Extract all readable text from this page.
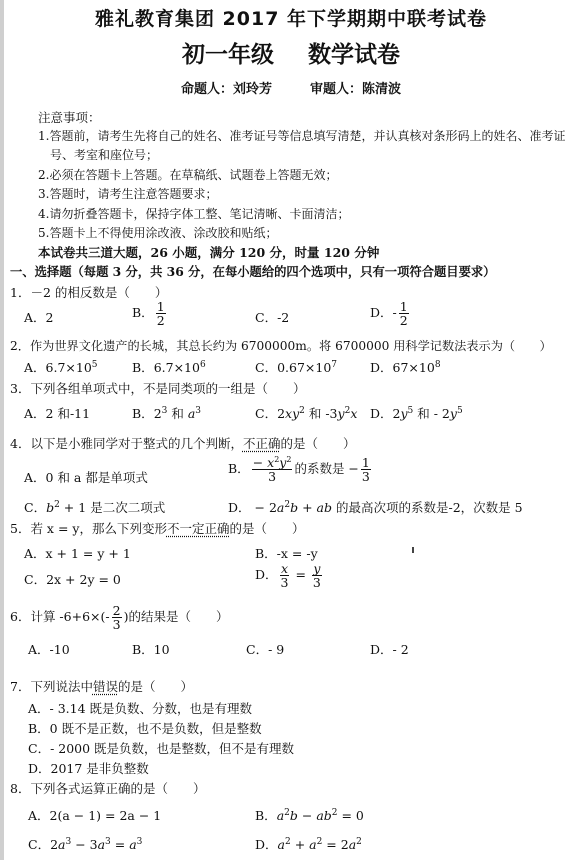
雅礼教育集团 2017 年下学期期中联考试卷
初一年级 数学试卷
命题人：刘玲芳	审题人：陈清波
注意事项：
1.答题前，请考生先将自己的姓名、准考证号等信息填写清楚，并认真核对条形码上的姓名、准考证
号、考室和座位号；
2.必须在答题卡上答题。在草稿纸、试题卷上答题无效；
3.答题时，请考生注意答题要求；
4.请勿折叠答题卡，保持字体工整、笔记清晰、卡面清洁；
5.答题卡上不得使用涂改液、涂改胶和贴纸；
本试卷共三道大题，26 小题，满分 120 分，时量 120 分钟
一、选择题（每题 3 分，共 36 分，在每小题给的四个选项中，只有一项符合题目要求）
1．－2 的相反数是（　　）
A．2	B． $\frac{1}{2}$	C．-2	D．- $\frac{1}{2}$
2．作为世界文化遗产的长城，其总长约为 6700000m。将 6700000 用科学记数法表示为（　　）
A．$6.7\times 10^5$	B．$6.7\times 10^6$	C．$0.67\times 10^7$	D．$67\times 10^8$
3．下列各组单项式中，不是同类项的一组是（　　）
A．2 和-11	B．$2^3$ 和 $a^3$	C．$2xy^2$ 和 $-3y^2x$ D．$2y^5$ 和 - $2y^5$
4．以下是小雅同学对于整式的几个判断，不正确的是（　　）
A．0 和 a 都是单项式
B． $\frac{- x^2y^2}{3}$ 的系数是 − $\frac{1}{3}$
C．$b^2 + 1$ 是二次二项式	D． − $2a^2b$ + ab 的最高次项的系数是-2，次数是 5
5．若 x = y，那么下列变形不一定正确的是（　　）
A．x + 1 = y + 1	B．-x = -y
C．2x + 2y = 0	D． $\frac{x}{3} = \frac{y}{3}$
6．计算 $-6+6\times(- \frac{2}{3}$ )的结果是（　　）
A．-10	B．10	C．- 9	D．- 2
7．下列说法中错误的是（　　）
A．- 3.14 既是负数、分数，也是有理数
B．0 既不是正数，也不是负数，但是整数
C．- 2000 既是负数，也是整数，但不是有理数
D．2017 是非负整数
8．下列各式运算正确的是（　　）
A．2(a − 1) = 2a − 1	B．$a^2b - ab^2 = 0$
C．$2a^3 - 3a^3 = a^3$	D．$a^2 + a^2 = 2a^2$
